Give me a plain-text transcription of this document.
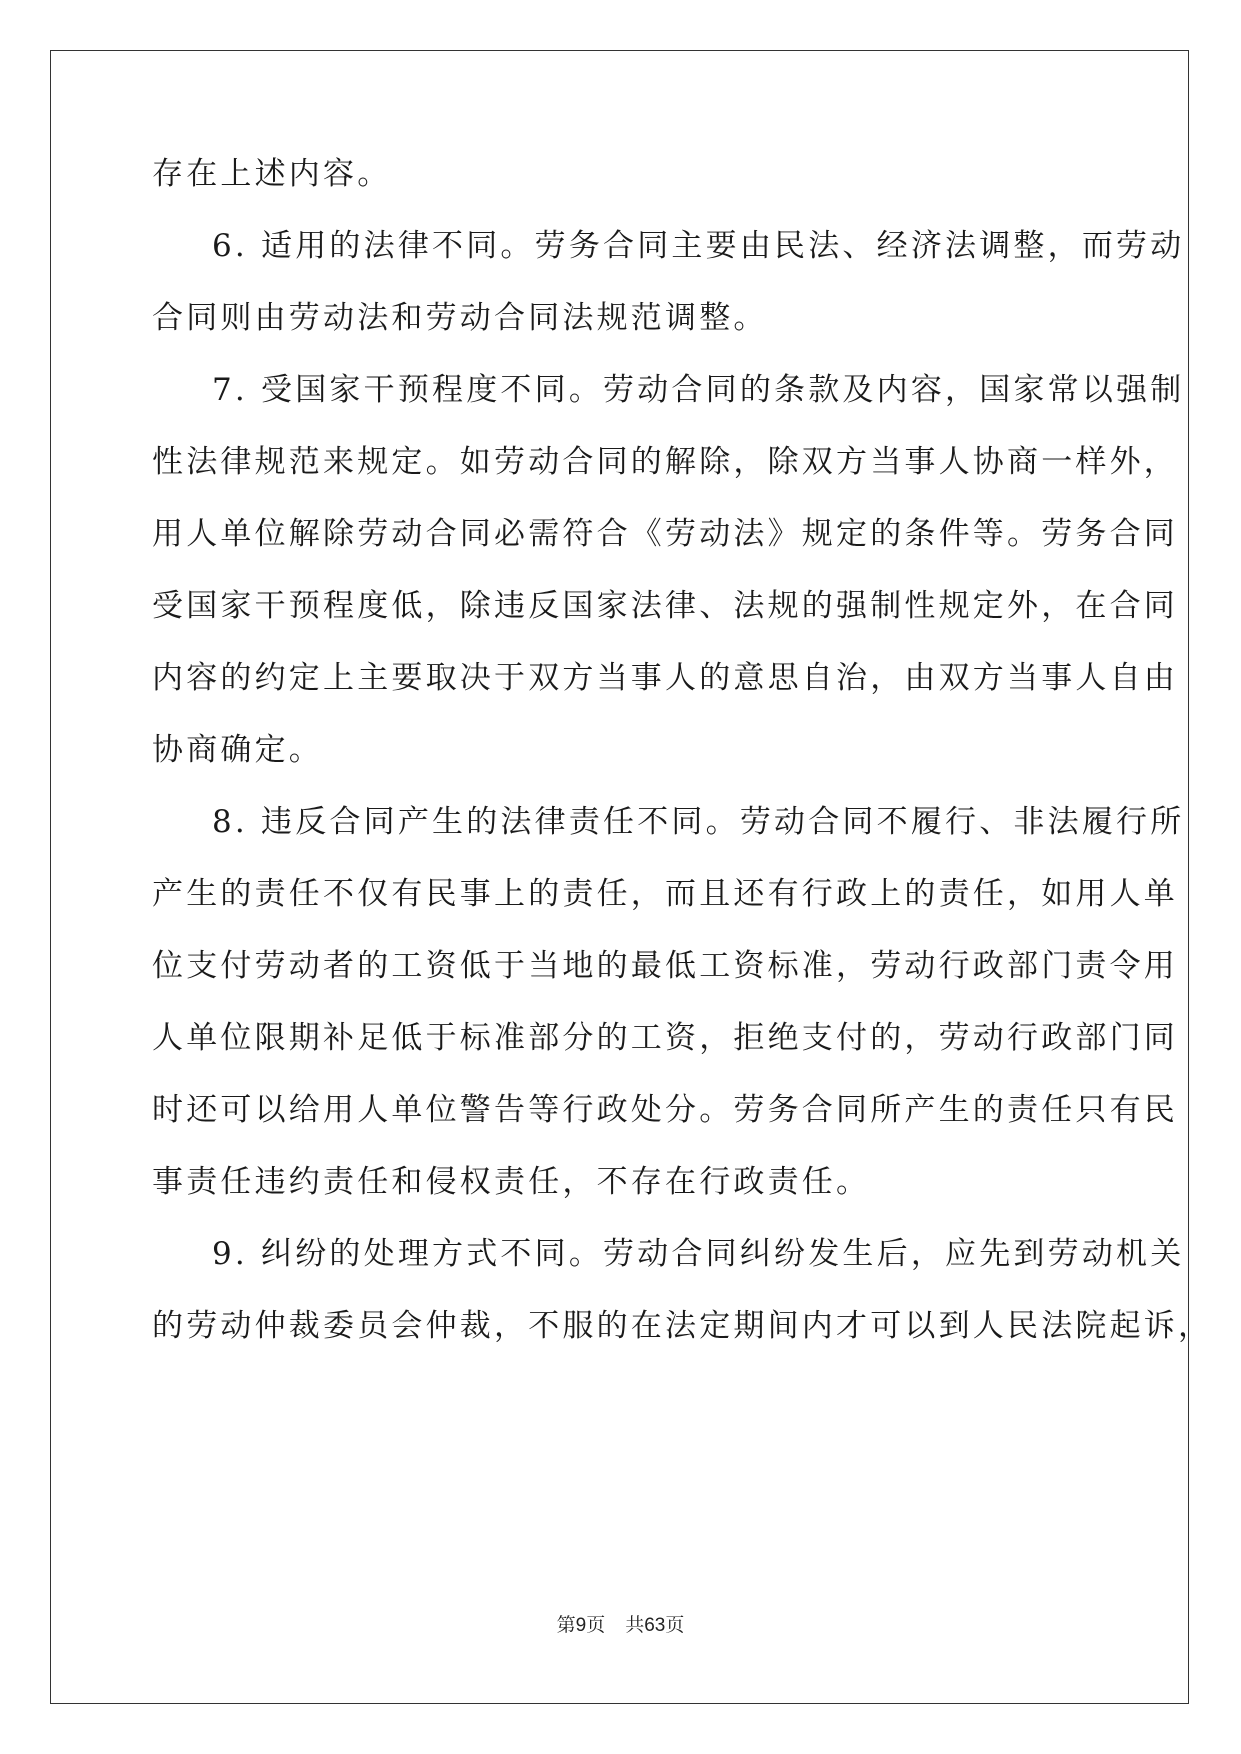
存在上述内容。
6. 适用的法律不同。劳务合同主要由民法、经济法调整，而劳动
合同则由劳动法和劳动合同法规范调整。
7. 受国家干预程度不同。劳动合同的条款及内容，国家常以强制
性法律规范来规定。如劳动合同的解除，除双方当事人协商一样外，
用人单位解除劳动合同必需符合《劳动法》规定的条件等。劳务合同
受国家干预程度低，除违反国家法律、法规的强制性规定外，在合同
内容的约定上主要取决于双方当事人的意思自治，由双方当事人自由
协商确定。
8. 违反合同产生的法律责任不同。劳动合同不履行、非法履行所
产生的责任不仅有民事上的责任，而且还有行政上的责任，如用人单
位支付劳动者的工资低于当地的最低工资标准，劳动行政部门责令用
人单位限期补足低于标准部分的工资，拒绝支付的，劳动行政部门同
时还可以给用人单位警告等行政处分。劳务合同所产生的责任只有民
事责任违约责任和侵权责任，不存在行政责任。
9. 纠纷的处理方式不同。劳动合同纠纷发生后，应先到劳动机关
的劳动仲裁委员会仲裁，不服的在法定期间内才可以到人民法院起诉，
第9页 共63页
